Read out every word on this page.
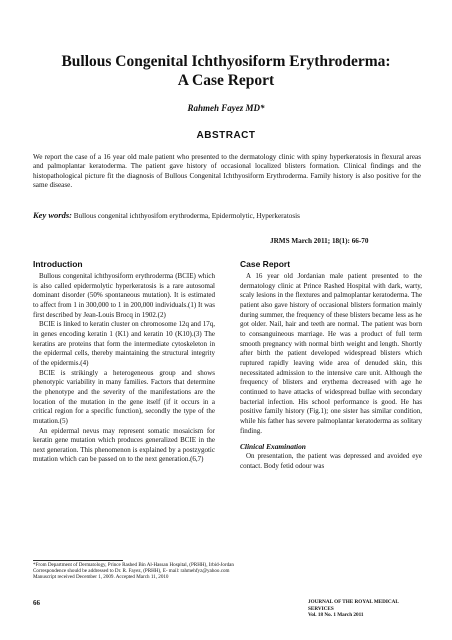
Bullous Congenital Ichthyosiform Erythroderma:
A Case Report
Rahmeh Fayez MD*
ABSTRACT
We report the case of a 16 year old male patient who presented to the dermatology clinic with spiny hyperkeratosis in flexural areas and palmoplantar keratoderma. The patient gave history of occasional localized blisters formation. Clinical findings and the histopathological picture fit the diagnosis of Bullous Congenital Ichthyosiform Erythroderma. Family history is also positive for the same disease.
Key words: Bullous congenital ichthyosifom erythroderma, Epidermolytic, Hyperkeratosis
JRMS March 2011; 18(1): 66-70
Introduction

Bullous congenital ichthyosiform erythroderma (BCIE) which is also called epidermolytic hyperkeratosis is a rare autosomal dominant disorder (50% spontaneous mutation). It is estimated to affect from 1 in 300,000 to 1 in 200,000 individuals.(1) It was first described by Jean-Louis Brocq in 1902.(2)

BCIE is linked to keratin cluster on chromosome 12q and 17q, in genes encoding keratin 1 (K1) and keratin 10 (K10).(3) The keratins are proteins that form the intermediate cytoskeleton in the epidermal cells, thereby maintaining the structural integrity of the epidermis.(4)

BCIE is strikingly a heterogeneous group and shows phenotypic variability in many families. Factors that determine the phenotype and the severity of the manifestations are the location of the mutation in the gene itself (if it occurs in a critical region for a specific function), secondly the type of the mutation.(5)

An epidermal nevus may represent somatic mosaicism for keratin gene mutation which produces generalized BCIE in the next generation. This phenomenon is explained by a postzygotic mutation which can be passed on to the next generation.(6,7)

Case Report

A 16 year old Jordanian male patient presented to the dermatology clinic at Prince Rashed Hospital with dark, warty, scaly lesions in the flextures and palmoplantar keratoderma. The patient also gave history of occasional blisters formation mainly during summer, the frequency of these blisters became less as he got older. Nail, hair and teeth are normal. The patient was born to consanguineous marriage. He was a product of full term smooth pregnancy with normal birth weight and length. Shortly after birth the patient developed widespread blisters which ruptured rapidly leaving wide area of denuded skin, this necessitated admission to the intensive care unit. Although the frequency of blisters and erythema decreased with age he continued to have attacks of widespread bullae with secondary bacterial infection. His school performance is good. He has positive family history (Fig.1); one sister has similar condition, while his father has severe palmoplantar keratoderma as solitary finding.

Clinical Examination

On presentation, the patient was depressed and avoided eye contact. Body fetid odour was

*From Department of Dermatology, Prince Rashed Bin Al-Hassan Hospital, (PRHH), Irbid-Jordan
Correspondence should be addressed to Dr. R. Fayez, (PRHH), E- mail: rahmehfyz@yahoo.com
Manuscript received December 1, 2009. Accepted March 11, 2010
66	JOURNAL OF THE ROYAL MEDICAL SERVICES
Vol. 18 No. 1 March 2011
